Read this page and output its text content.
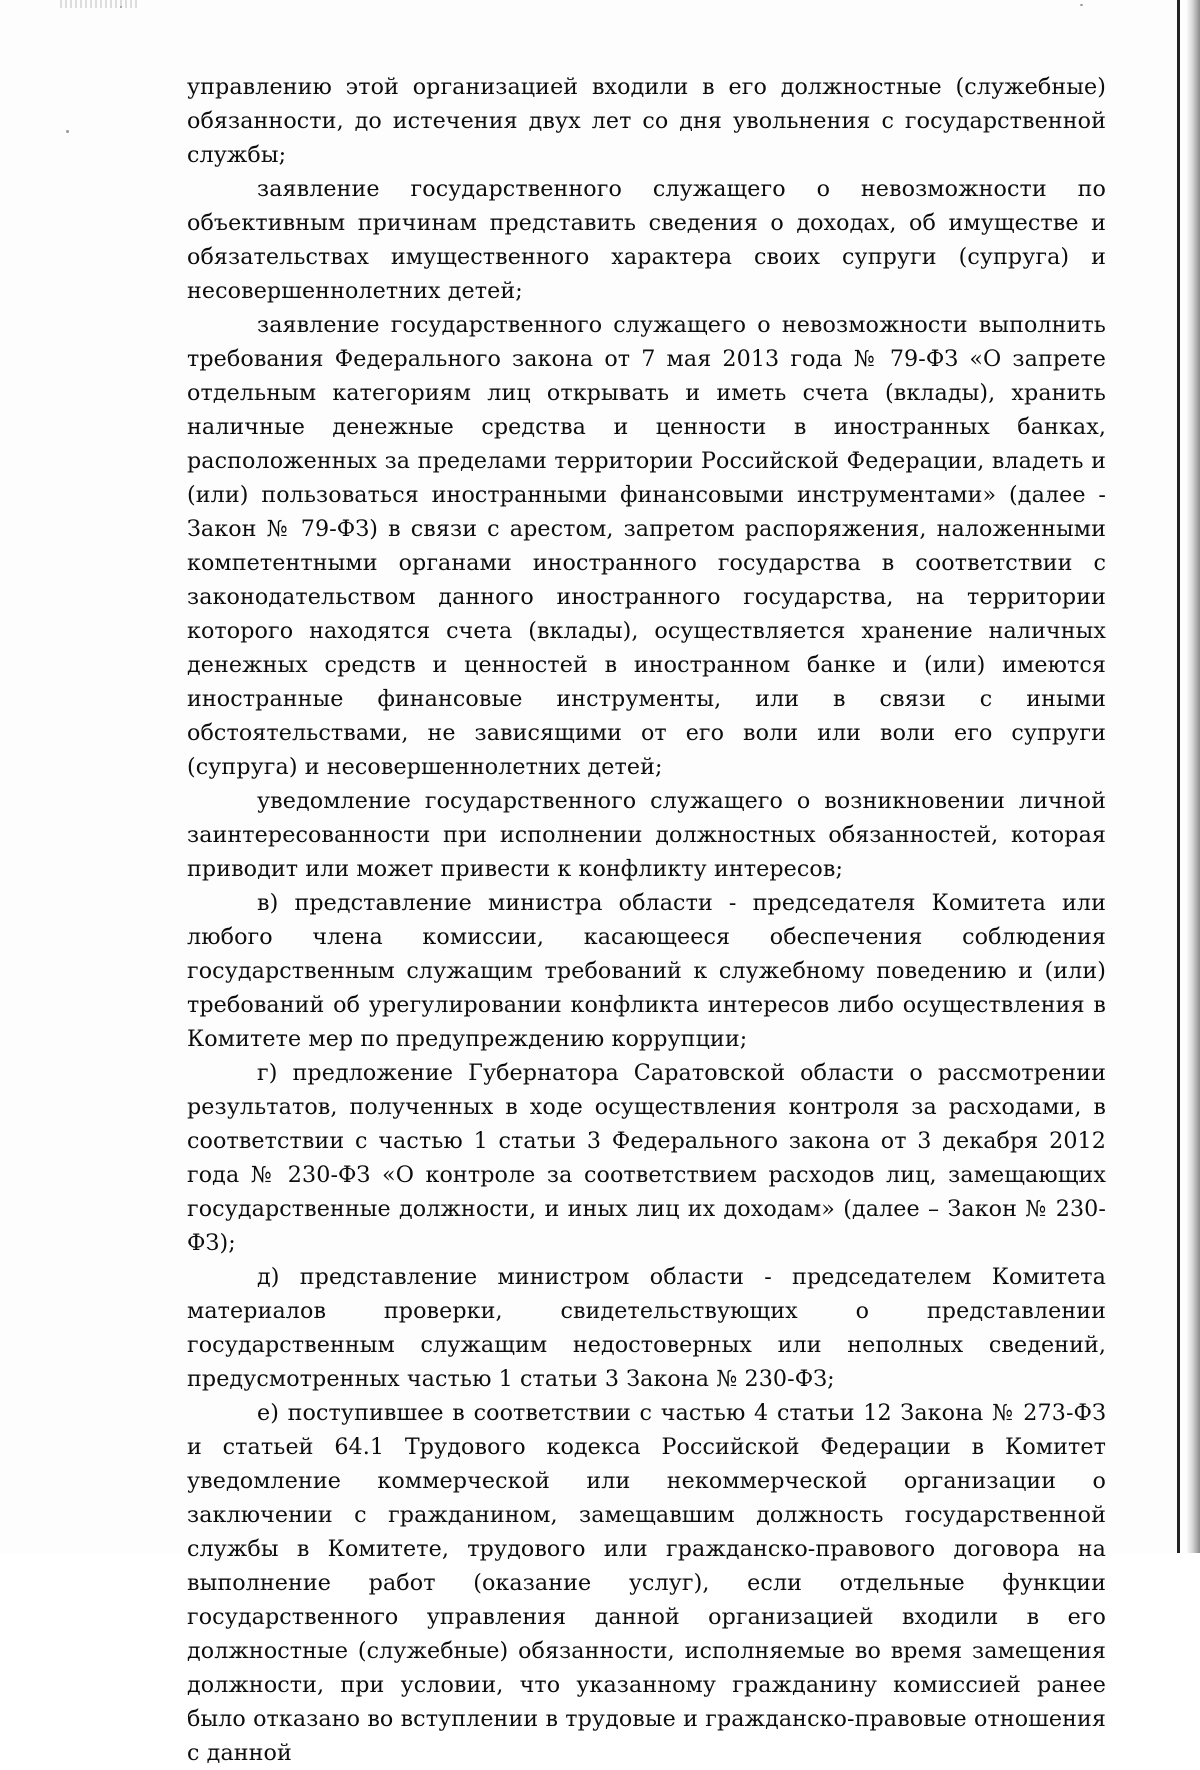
управлению этой организацией входили в его должностные (служебные) обязанности, до истечения двух лет со дня увольнения с государственной службы;

заявление государственного служащего о невозможности по объективным причинам представить сведения о доходах, об имуществе и обязательствах имущественного характера своих супруги (супруга) и несовершеннолетних детей;

заявление государственного служащего о невозможности выполнить требования Федерального закона от 7 мая 2013 года № 79-ФЗ «О запрете отдельным категориям лиц открывать и иметь счета (вклады), хранить наличные денежные средства и ценности в иностранных банках, расположенных за пределами территории Российской Федерации, владеть и (или) пользоваться иностранными финансовыми инструментами» (далее - Закон № 79-ФЗ) в связи с арестом, запретом распоряжения, наложенными компетентными органами иностранного государства в соответствии с законодательством данного иностранного государства, на территории которого находятся счета (вклады), осуществляется хранение наличных денежных средств и ценностей в иностранном банке и (или) имеются иностранные финансовые инструменты, или в связи с иными обстоятельствами, не зависящими от его воли или воли его супруги (супруга) и несовершеннолетних детей;

уведомление государственного служащего о возникновении личной заинтересованности при исполнении должностных обязанностей, которая приводит или может привести к конфликту интересов;

в) представление министра области - председателя Комитета или любого члена комиссии, касающееся обеспечения соблюдения государственным служащим требований к служебному поведению и (или) требований об урегулировании конфликта интересов либо осуществления в Комитете мер по предупреждению коррупции;

г) предложение Губернатора Саратовской области о рассмотрении результатов, полученных в ходе осуществления контроля за расходами, в соответствии с частью 1 статьи 3 Федерального закона от 3 декабря 2012 года № 230-ФЗ «О контроле за соответствием расходов лиц, замещающих государственные должности, и иных лиц их доходам» (далее – Закон № 230-ФЗ);

д) представление министром области - председателем Комитета материалов проверки, свидетельствующих о представлении государственным служащим недостоверных или неполных сведений, предусмотренных частью 1 статьи 3 Закона № 230-ФЗ;

е) поступившее в соответствии с частью 4 статьи 12 Закона № 273-ФЗ и статьей 64.1 Трудового кодекса Российской Федерации в Комитет уведомление коммерческой или некоммерческой организации о заключении с гражданином, замещавшим должность государственной службы в Комитете, трудового или гражданско-правового договора на выполнение работ (оказание услуг), если отдельные функции государственного управления данной организацией входили в его должностные (служебные) обязанности, исполняемые во время замещения должности, при условии, что указанному гражданину комиссией ранее было отказано во вступлении в трудовые и гражданско-правовые отношения с данной
